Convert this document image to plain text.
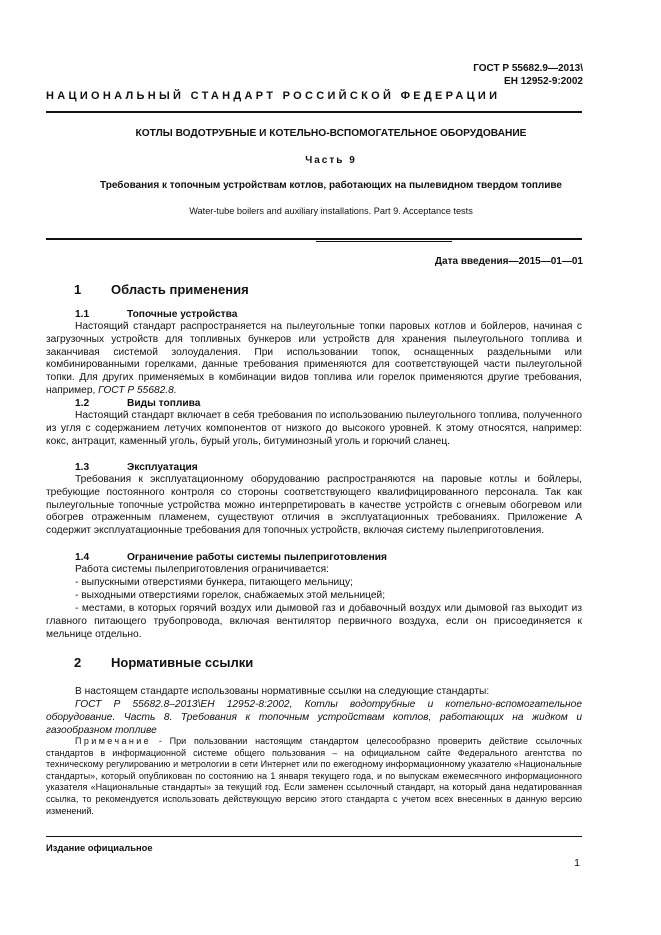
ГОСТ Р 55682.9—2013\
ЕН 12952-9:2002
НАЦИОНАЛЬНЫЙ СТАНДАРТ РОССИЙСКОЙ ФЕДЕРАЦИИ
КОТЛЫ ВОДОТРУБНЫЕ И КОТЕЛЬНО-ВСПОМОГАТЕЛЬНОЕ ОБОРУДОВАНИЕ
Часть 9
Требования к топочным устройствам котлов, работающих на пылевидном твердом топливе
Water-tube boilers and auxiliary installations. Part 9. Acceptance tests
Дата введения—2015—01—01
1 Область применения
1.1	Топочные устройства
Настоящий стандарт распространяется на пылеугольные топки паровых котлов и бойлеров, начиная с загрузочных устройств для топливных бункеров или устройств для хранения пылеугольного топлива и заканчивая системой золоудаления. При использовании топок, оснащенных раздельными или комбинированными горелками, данные требования применяются для соответствующей части пылеугольной топки. Для других применяемых в комбинации видов топлива или горелок применяются другие требования, например, ГОСТ Р 55682.8.
1.2	Виды топлива
Настоящий стандарт включает в себя требования по использованию пылеугольного топлива, полученного из угля с содержанием летучих компонентов от низкого до высокого уровней. К этому относятся, например: кокс, антрацит, каменный уголь, бурый уголь, битуминозный уголь и горючий сланец.
1.3	Эксплуатация
Требования к эксплуатационному оборудованию распространяются на паровые котлы и бойлеры, требующие постоянного контроля со стороны соответствующего квалифицированного персонала. Так как пылеугольные топочные устройства можно интерпретировать в качестве устройств с огневым обогревом или обогрев отраженным пламенем, существуют отличия в эксплуатационных требованиях. Приложение А содержит эксплуатационные требования для топочных устройств, включая систему пылеприготовления.
1.4	Ограничение работы системы пылеприготовления
Работа системы пылеприготовления ограничивается:
- выпускными отверстиями бункера, питающего мельницу;
- выходными отверстиями горелок, снабжаемых этой мельницей;
- местами, в которых горячий воздух или дымовой газ и добавочный воздух или дымовой газ выходит из главного питающего трубопровода, включая вентилятор первичного воздуха, если он присоединяется к мельнице отдельно.
2 Нормативные ссылки
В настоящем стандарте использованы нормативные ссылки на следующие стандарты:
ГОСТ Р 55682.8–2013\ЕН 12952-8:2002, Котлы водотрубные и котельно-вспомогательное оборудование. Часть 8. Требования к топочным устройствам котлов, работающих на жидком и газообразном топливе
Примечание - При пользовании настоящим стандартом целесообразно проверить действие ссылочных стандартов в информационной системе общего пользования – на официальном сайте Федерального агентства по техническому регулированию и метрологии в сети Интернет или по ежегодному информационному указателю «Национальные стандарты», который опубликован по состоянию на 1 января текущего года, и по выпускам ежемесячного информационного указателя «Национальные стандарты» за текущий год. Если заменен ссылочный стандарт, на который дана недатированная ссылка, то рекомендуется использовать действующую версию этого стандарта с учетом всех внесенных в данную версию изменений.
Издание официальное
1
